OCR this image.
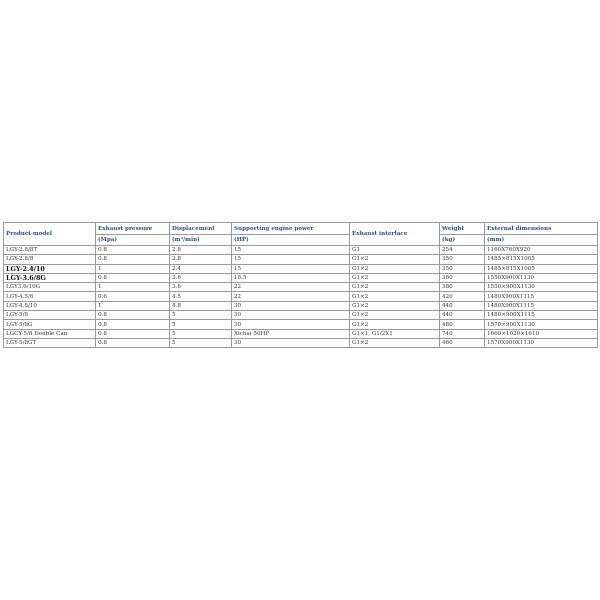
Product model	Exhaust pressure	Displacement	Supporting engine power	Exhaust interface	Weight	External dimensions
	(Mpa)	(m³/min)	(HP)		(kg)	(mm)
LGY-2.8/8T	0.8	2.8	15	G1	254	1160X760X920
LGY-2.8/8	0.8	2.8	15	G1×2	350	1485×815X1005
LGY-2.4/10	1	2.4	15	G1×2	350	1485×815X1005
LGY-3.6/8G	0.8	3.6	18.5	G1×2	360	1550X900X1130
LGY3.6/10G	1	3.6	22	G1×2	380	1550×900X1130
LGY-4.5/6	0.6	4.5	22	G1×2	420	1480X900X1115
LGY-4.8/10	1	4.8	30	G1×2	440	1480X900X1115
LGY-5/8	0.8	5	30	G1×2	440	1480×900X1115
LGY-5/8G	0.8	5	30	G1×2	480	1570×900X1130
LGCY-5/8 Double Can	0.8	5	Xichai 50HP	G1×1, G1/2X1	740	1660×1020×1610
LGY-5/8GT	0.8	5	30	G1×2	460	1570X900X1130
